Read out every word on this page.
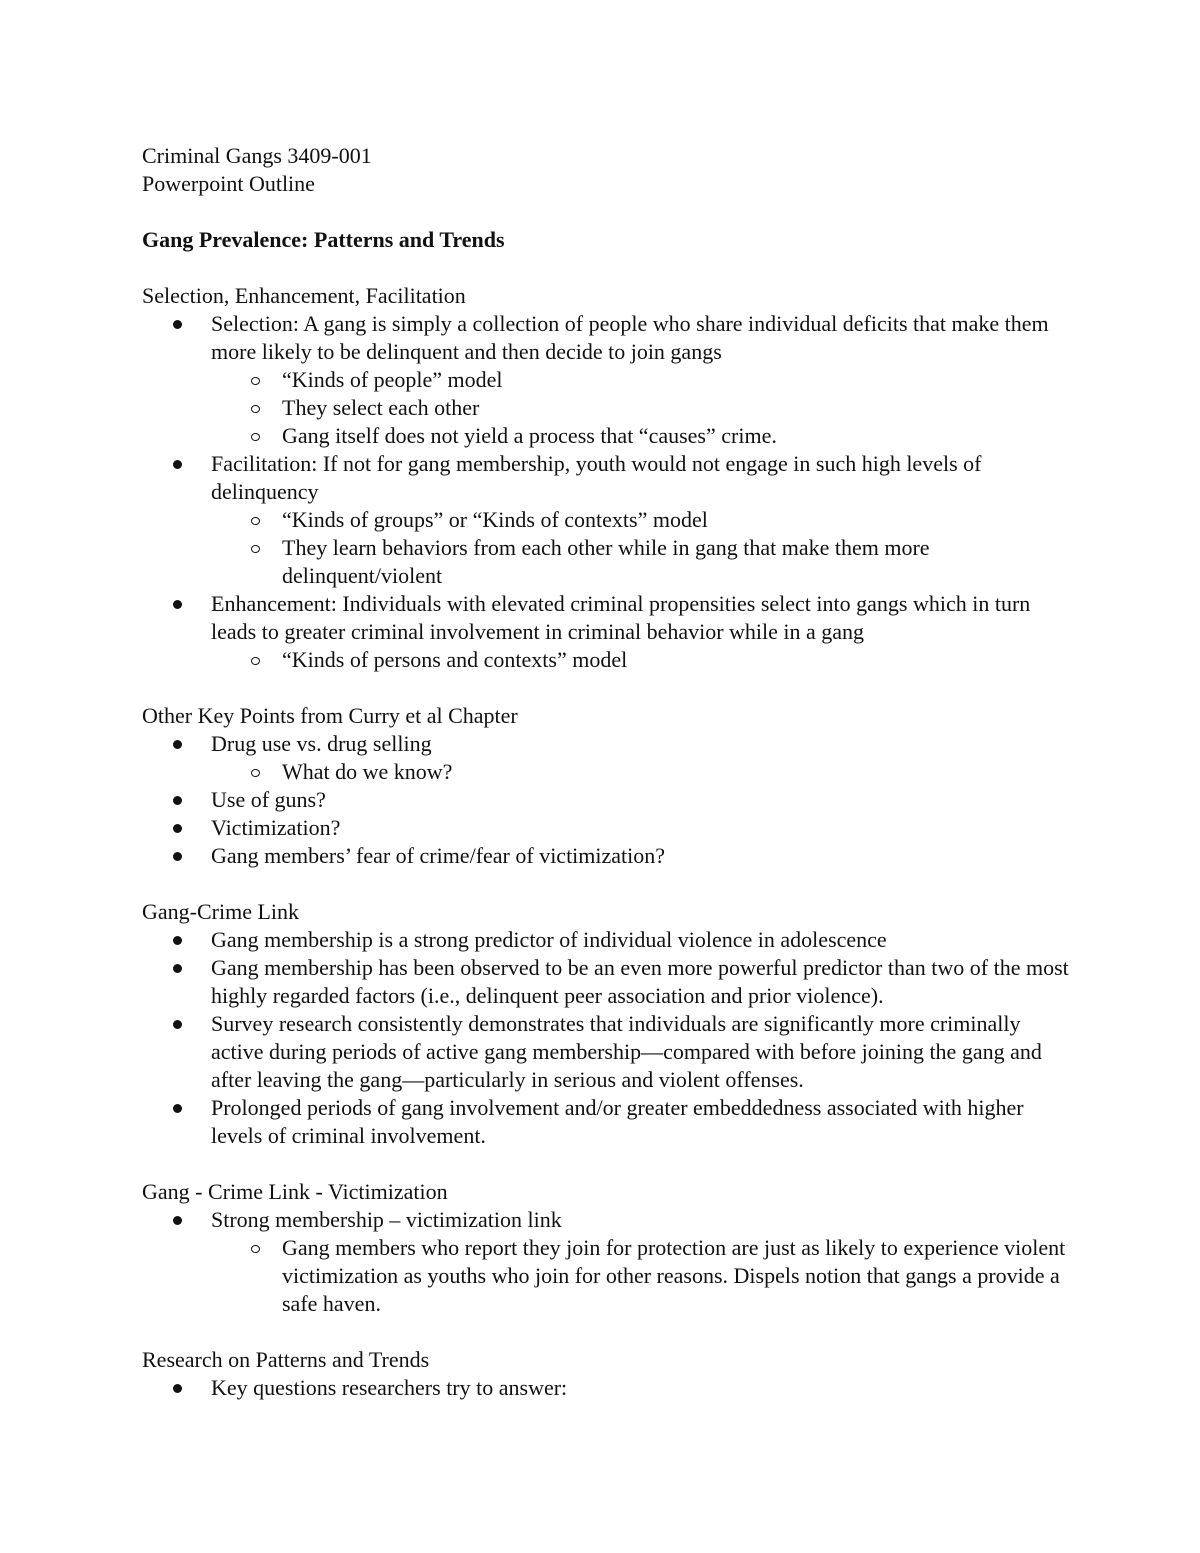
Criminal Gangs 3409-001
Powerpoint Outline
Gang Prevalence: Patterns and Trends
Selection, Enhancement, Facilitation
Selection: A gang is simply a collection of people who share individual deficits that make them more likely to be delinquent and then decide to join gangs
“Kinds of people” model
They select each other
Gang itself does not yield a process that “causes” crime.
Facilitation: If not for gang membership, youth would not engage in such high levels of delinquency
“Kinds of groups” or “Kinds of contexts” model
They learn behaviors from each other while in gang that make them more delinquent/violent
Enhancement: Individuals with elevated criminal propensities select into gangs which in turn leads to greater criminal involvement in criminal behavior while in a gang
“Kinds of persons and contexts” model
Other Key Points from Curry et al Chapter
Drug use vs. drug selling
What do we know?
Use of guns?
Victimization?
Gang members’ fear of crime/fear of victimization?
Gang-Crime Link
Gang membership is a strong predictor of individual violence in adolescence
Gang membership has been observed to be an even more powerful predictor than two of the most highly regarded factors (i.e., delinquent peer association and prior violence).
Survey research consistently demonstrates that individuals are significantly more criminally active during periods of active gang membership—compared with before joining the gang and after leaving the gang—particularly in serious and violent offenses.
Prolonged periods of gang involvement and/or greater embeddedness associated with higher levels of criminal involvement.
Gang - Crime Link - Victimization
Strong membership – victimization link
Gang members who report they join for protection are just as likely to experience violent victimization as youths who join for other reasons. Dispels notion that gangs a provide a safe haven.
Research on Patterns and Trends
Key questions researchers try to answer:
